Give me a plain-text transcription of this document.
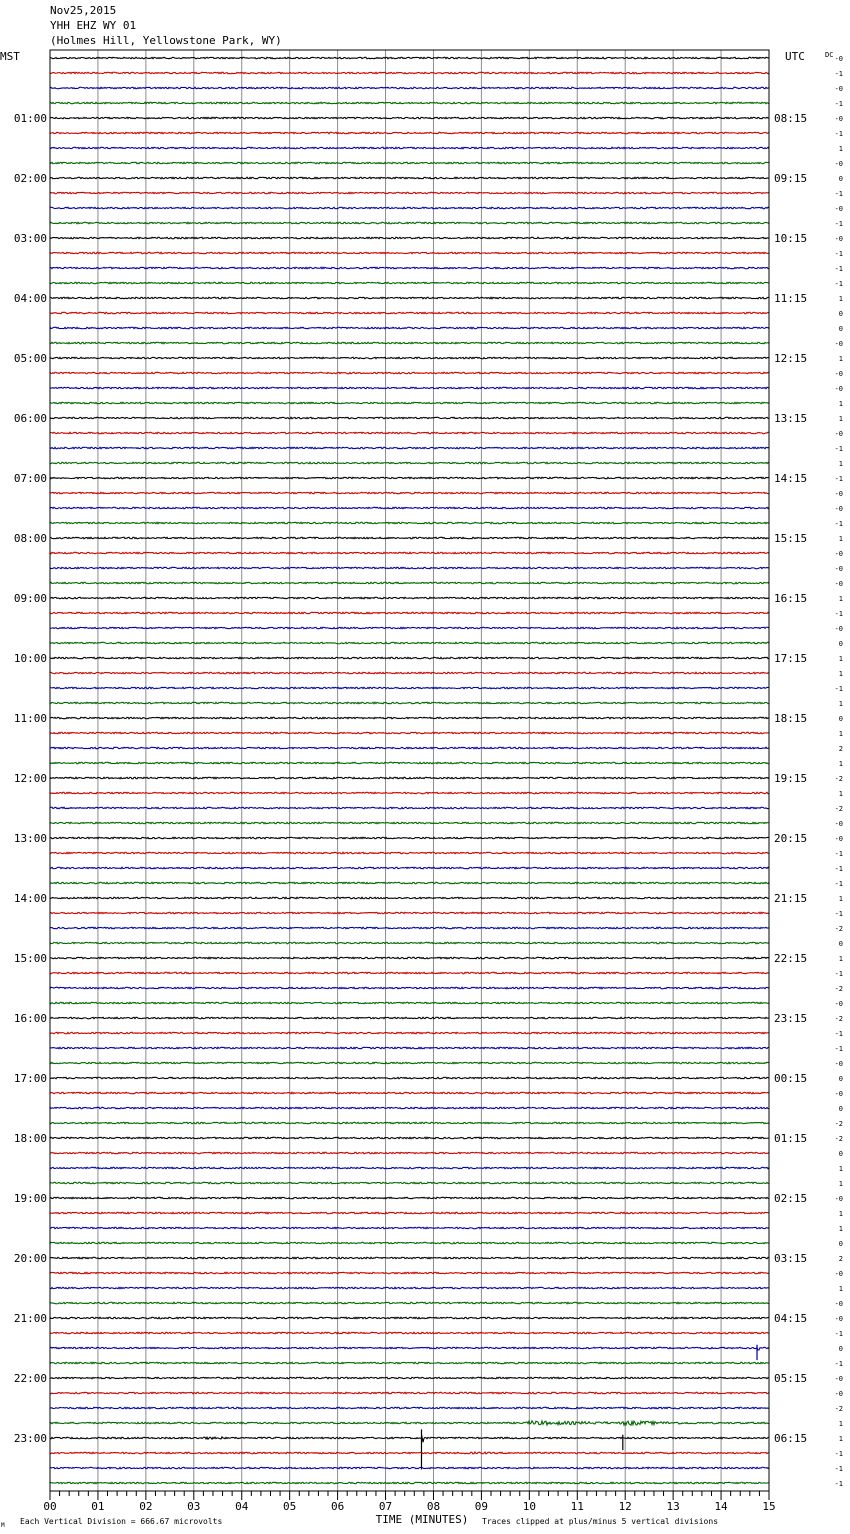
Nov25,2015
YHH EHZ WY 01
(Holmes Hill, Yellowstone Park, WY)
-0
-1
-0
-1
-0
-1
1
-0
0
-1
-0
-1
-0
-1
-1
-1
1
0
0
-0
1
-0
-0
1
1
-0
-1
1
-1
-0
-0
-1
1
-0
-0
-0
1
-1
-0
0
1
1
-1
1
0
1
2
1
-2
1
-2
-0
-0
-1
-1
-1
1
-1
-2
0
1
-1
-2
-0
-2
-1
-1
-0
0
-0
0
-2
-2
0
1
1
-0
1
1
0
2
-0
1
-0
-0
-1
0
-1
-0
-0
-2
1
1
-1
-1
-1
MST	UTC	DC
01:00
02:00
03:00
04:00
05:00
06:00
07:00
08:00
09:00
10:00
11:00
12:00
13:00
14:00
15:00
16:00
17:00
18:00
19:00
20:00
21:00
22:00
23:00
08:15
09:15
10:15
11:15
12:15
13:15
14:15
15:15
16:15
17:15
18:15
19:15
20:15
21:15
22:15
23:15
00:15
01:15
02:15
03:15
04:15
05:15
06:15
00	01	02	03	04	05	06	07	08	09	10	11	12	13	14	15
TIME (MINUTES)
Each Vertical Division = 666.67 microvolts	Traces clipped at plus/minus 5 vertical divisions
M
